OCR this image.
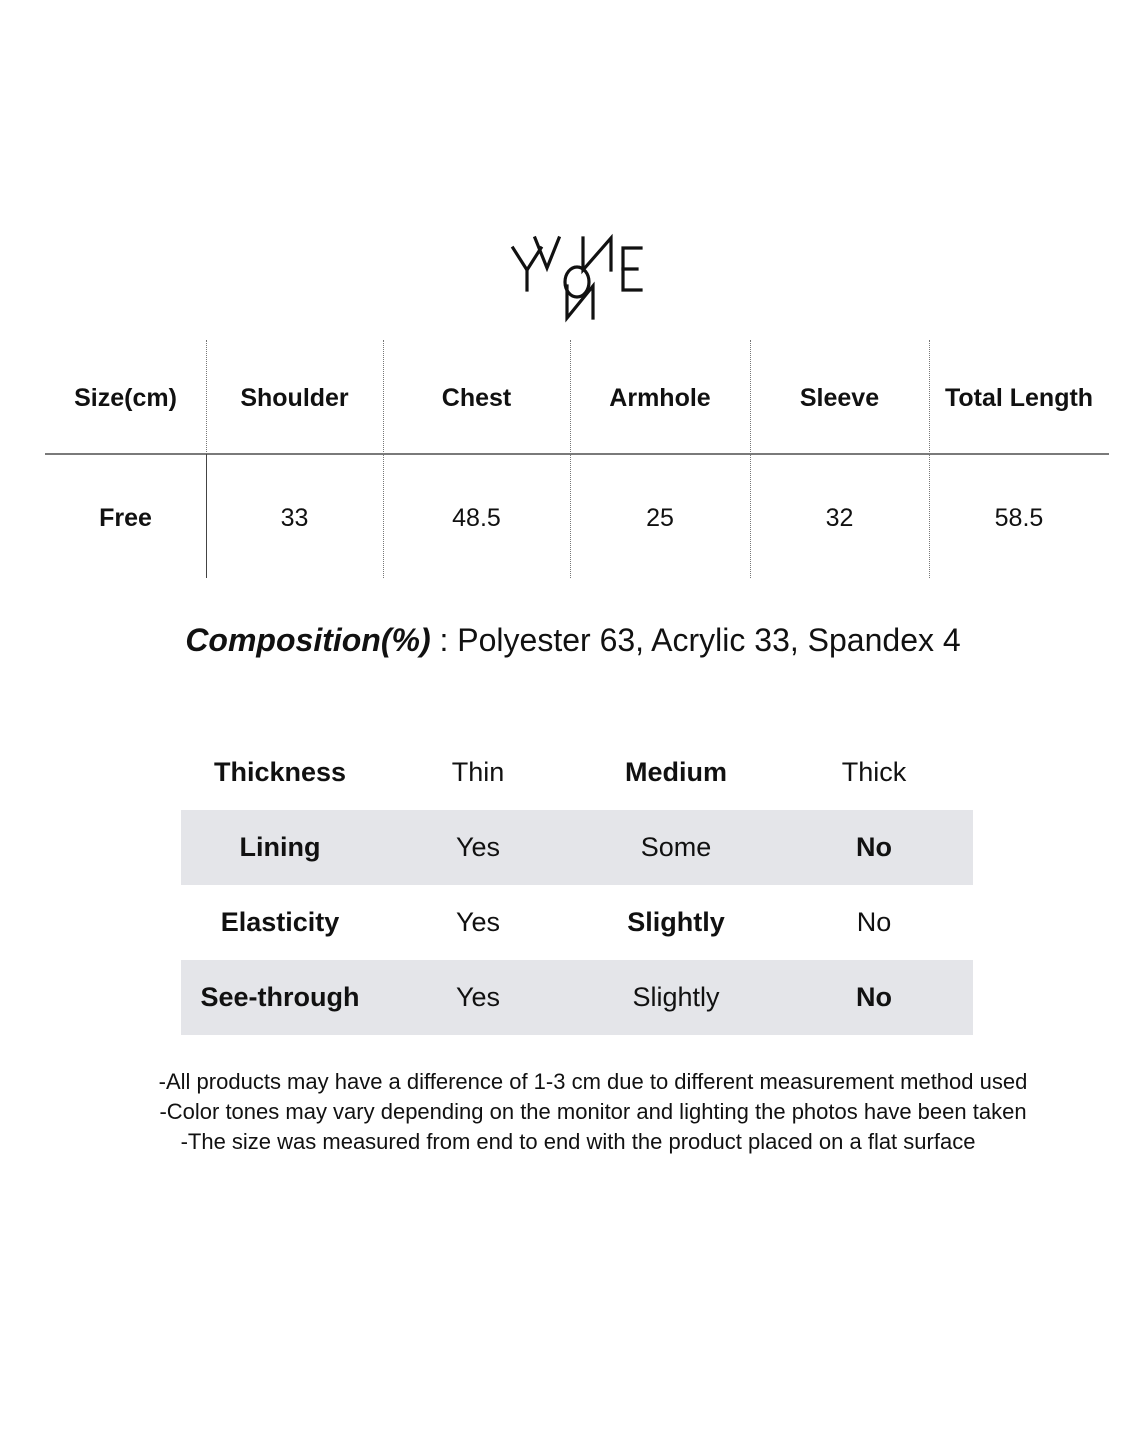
Size(cm)	Shoulder	Chest	Armhole	Sleeve	Total Length
Free	33	48.5	25	32	58.5
Composition(%) : Polyester 63, Acrylic 33, Spandex 4
Thickness	Thin	Medium	Thick
Lining	Yes	Some	No
Elasticity	Yes	Slightly	No
See-through	Yes	Slightly	No
-All products may have a difference of 1-3 cm due to different measurement method used
-Color tones may vary depending on the monitor and lighting the photos have been taken
-The size was measured from end to end with the product placed on a flat surface
